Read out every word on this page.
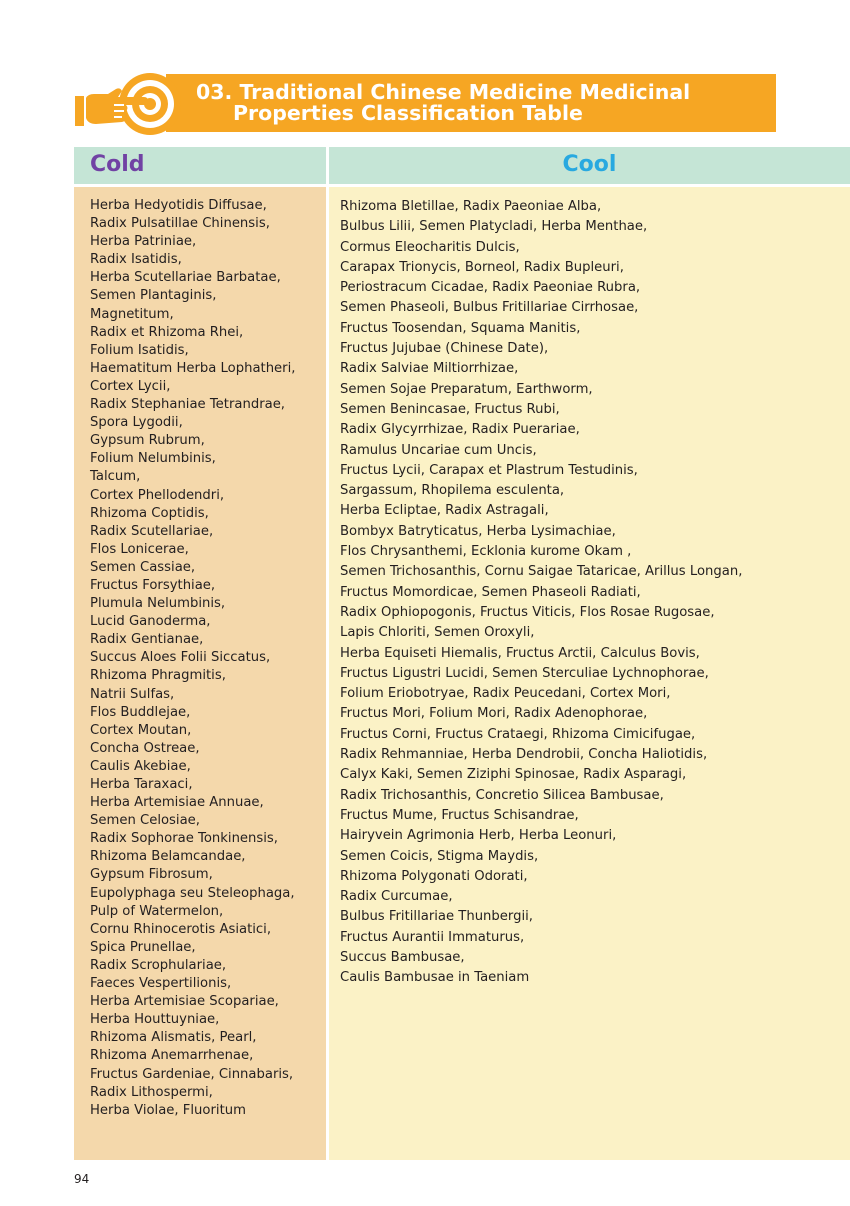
03. Traditional Chinese Medicine Medicinal
Properties Classification Table
Cold	Cool
Herba Hedyotidis Diffusae,
Radix Pulsatillae Chinensis,
Herba Patriniae,
Radix Isatidis,
Herba Scutellariae Barbatae,
Semen Plantaginis,
Magnetitum,
Radix et Rhizoma Rhei,
Folium Isatidis,
Haematitum Herba Lophatheri,
Cortex Lycii,
Radix Stephaniae Tetrandrae,
Spora Lygodii,
Gypsum Rubrum,
Folium Nelumbinis,
Talcum,
Cortex Phellodendri,
Rhizoma Coptidis,
Radix Scutellariae,
Flos Lonicerae,
Semen Cassiae,
Fructus Forsythiae,
Plumula Nelumbinis,
Lucid Ganoderma,
Radix Gentianae,
Succus Aloes Folii Siccatus,
Rhizoma Phragmitis,
Natrii Sulfas,
Flos Buddlejae,
Cortex Moutan,
Concha Ostreae,
Caulis Akebiae,
Herba Taraxaci,
Herba Artemisiae Annuae,
Semen Celosiae,
Radix Sophorae Tonkinensis,
Rhizoma Belamcandae,
Gypsum Fibrosum,
Eupolyphaga seu Steleophaga,
Pulp of Watermelon,
Cornu Rhinocerotis Asiatici,
Spica Prunellae,
Radix Scrophulariae,
Faeces Vespertilionis,
Herba Artemisiae Scopariae,
Herba Houttuyniae,
Rhizoma Alismatis, Pearl,
Rhizoma Anemarrhenae,
Fructus Gardeniae, Cinnabaris,
Radix Lithospermi,
Herba Violae, Fluoritum
Rhizoma Bletillae, Radix Paeoniae Alba,
Bulbus Lilii, Semen Platycladi, Herba Menthae,
Cormus Eleocharitis Dulcis,
Carapax Trionycis, Borneol, Radix Bupleuri,
Periostracum Cicadae, Radix Paeoniae Rubra,
Semen Phaseoli, Bulbus Fritillariae Cirrhosae,
Fructus Toosendan, Squama Manitis,
Fructus Jujubae (Chinese Date),
Radix Salviae Miltiorrhizae,
Semen Sojae Preparatum, Earthworm,
Semen Benincasae, Fructus Rubi,
Radix Glycyrrhizae, Radix Puerariae,
Ramulus Uncariae cum Uncis,
Fructus Lycii, Carapax et Plastrum Testudinis,
Sargassum, Rhopilema esculenta,
Herba Ecliptae, Radix Astragali,
Bombyx Batryticatus, Herba Lysimachiae,
Flos Chrysanthemi, Ecklonia kurome Okam ,
Semen Trichosanthis, Cornu Saigae Tataricae, Arillus Longan,
Fructus Momordicae, Semen Phaseoli Radiati,
Radix Ophiopogonis, Fructus Viticis, Flos Rosae Rugosae,
Lapis Chloriti, Semen Oroxyli,
Herba Equiseti Hiemalis, Fructus Arctii, Calculus Bovis,
Fructus Ligustri Lucidi, Semen Sterculiae Lychnophorae,
Folium Eriobotryae, Radix Peucedani, Cortex Mori,
Fructus Mori, Folium Mori, Radix Adenophorae,
Fructus Corni, Fructus Crataegi, Rhizoma Cimicifugae,
Radix Rehmanniae, Herba Dendrobii, Concha Haliotidis,
Calyx Kaki, Semen Ziziphi Spinosae, Radix Asparagi,
Radix Trichosanthis, Concretio Silicea Bambusae,
Fructus Mume, Fructus Schisandrae,
Hairyvein Agrimonia Herb, Herba Leonuri,
Semen Coicis, Stigma Maydis,
Rhizoma Polygonati Odorati,
Radix Curcumae,
Bulbus Fritillariae Thunbergii,
Fructus Aurantii Immaturus,
Succus Bambusae,
Caulis Bambusae in Taeniam
94
